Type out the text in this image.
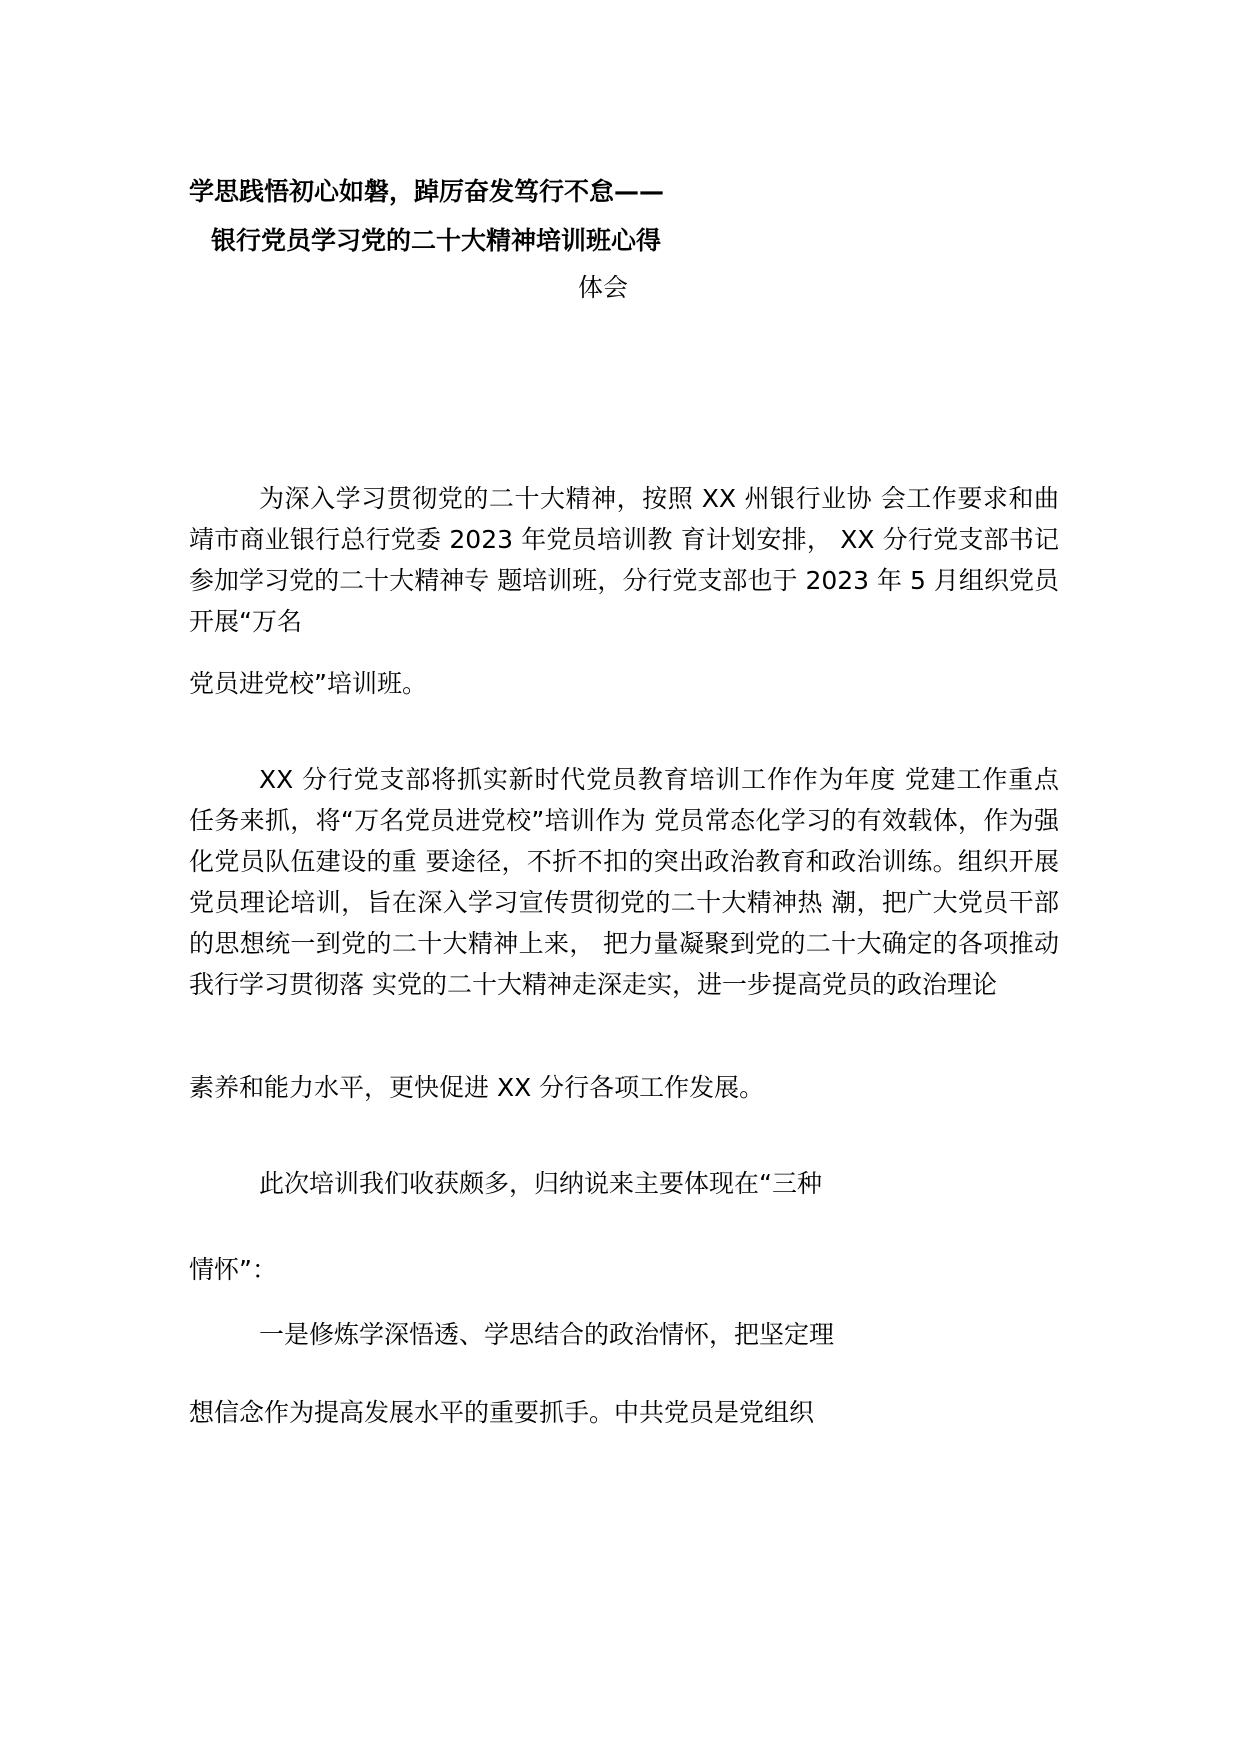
学思践悟初心如磐，踔厉奋发笃行不怠——
银行党员学习党的二十大精神培训班心得
体会

为深入学习贯彻党的二十大精神，按照 XX 州银行业协 会工作要求和曲靖市商业银行总行党委 2023 年党员培训教 育计划安排， XX 分行党支部书记参加学习党的二十大精神专 题培训班，分行党支部也于 2023 年 5 月组织党员开展“万名

党员进党校”培训班。

XX 分行党支部将抓实新时代党员教育培训工作作为年度 党建工作重点任务来抓，将“万名党员进党校”培训作为 党员常态化学习的有效载体，作为强化党员队伍建设的重 要途径，不折不扣的突出政治教育和政治训练。组织开展 党员理论培训，旨在深入学习宣传贯彻党的二十大精神热 潮，把广大党员干部的思想统一到党的二十大精神上来， 把力量凝聚到党的二十大确定的各项推动我行学习贯彻落 实党的二十大精神走深走实，进一步提高党员的政治理论

素养和能力水平，更快促进 XX 分行各项工作发展。

此次培训我们收获颇多，归纳说来主要体现在“三种

情怀”：

一是修炼学深悟透、学思结合的政治情怀，把坚定理

想信念作为提高发展水平的重要抓手。中共党员是党组织
